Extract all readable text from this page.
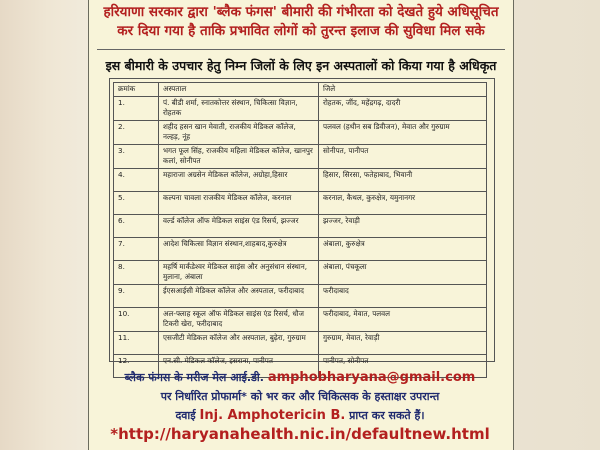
हरियाणा सरकार द्वारा 'ब्लैक फंगस' बीमारी की गंभीरता को देखते हुये अधिसूचित
कर दिया गया है ताकि प्रभावित लोगों को तुरन्त इलाज की सुविधा मिल सके
इस बीमारी के उपचार हेतु निम्न जिलों के लिए इन अस्पतालों को किया गया है अधिकृत
क्रमांक	अस्पताल	जिले
1.	पं. बीडी शर्मा, स्नातकोत्तर संस्थान, चिकित्सा विज्ञान, रोहतक	रोहतक, जींद, महेंद्रगढ़, दादरी
2.	शहीद हसन खान मेवाती, राजकीय मेडिकल कॉलेज, नल्हड़, नूंह	पलवल (हथीन सब डिवीजन), मेवात और गुरुग्राम
3.	भगत फूल सिंह, राजकीय महिला मेडिकल कॉलेज, खानपुर कलां, सोनीपत	सोनीपत, पानीपत
4.	महाराजा अग्रसेन मेडिकल कॉलेज, अग्रोहा,हिसार	हिसार, सिरसा, फतेहाबाद, भिवानी
5.	कल्पना चावला राजकीय मेडिकल कॉलेज, करनाल	करनाल, कैथल, कुरुक्षेत्र, यमुनानगर
6.	वर्ल्ड कॉलेज ऑफ मेडिकल साइंस एंड रिसर्च, झज्जर	झज्जर, रेवाड़ी
7.	आदेश चिकित्सा विज्ञान संस्थान,शाहबाद,कुरुक्षेत्र	अंबाला, कुरुक्षेत्र
8.	महर्षि मार्कंडेश्वर मेडिकल साइंस और अनुसंधान संस्थान, मुलाना, अंबाला	अंबाला, पंचकूला
9.	ईएसआईसी मेडिकल कॉलेज और अस्पताल, फरीदाबाद	फरीदाबाद
10.	अल-फ्लाह स्कूल ऑफ मेडिकल साइंस एंड रिसर्च, धौज टिकरी खेरा, फरीदाबाद	फरीदाबाद, मेवात, पलवल
11.	एसजीटी मेडिकल कॉलेज और अस्पताल, बुढ़ेरा, गुरुग्राम	गुरुग्राम, मेवात, रेवाड़ी
12.	एन.सी. मेडिकल कॉलेज, इसराना, पानीपत	पानीपत, सोनीपत
ब्लैक फंगस के मरीज मेल आई.डी. amphobharyana@gmail.com
पर निर्धारित प्रोफार्मा* को भर कर और चिकित्सक के हस्ताक्षर उपरान्त
दवाई Inj. Amphotericin B. प्राप्त कर सकते हैं।
*http://haryanahealth.nic.in/defaultnew.html
